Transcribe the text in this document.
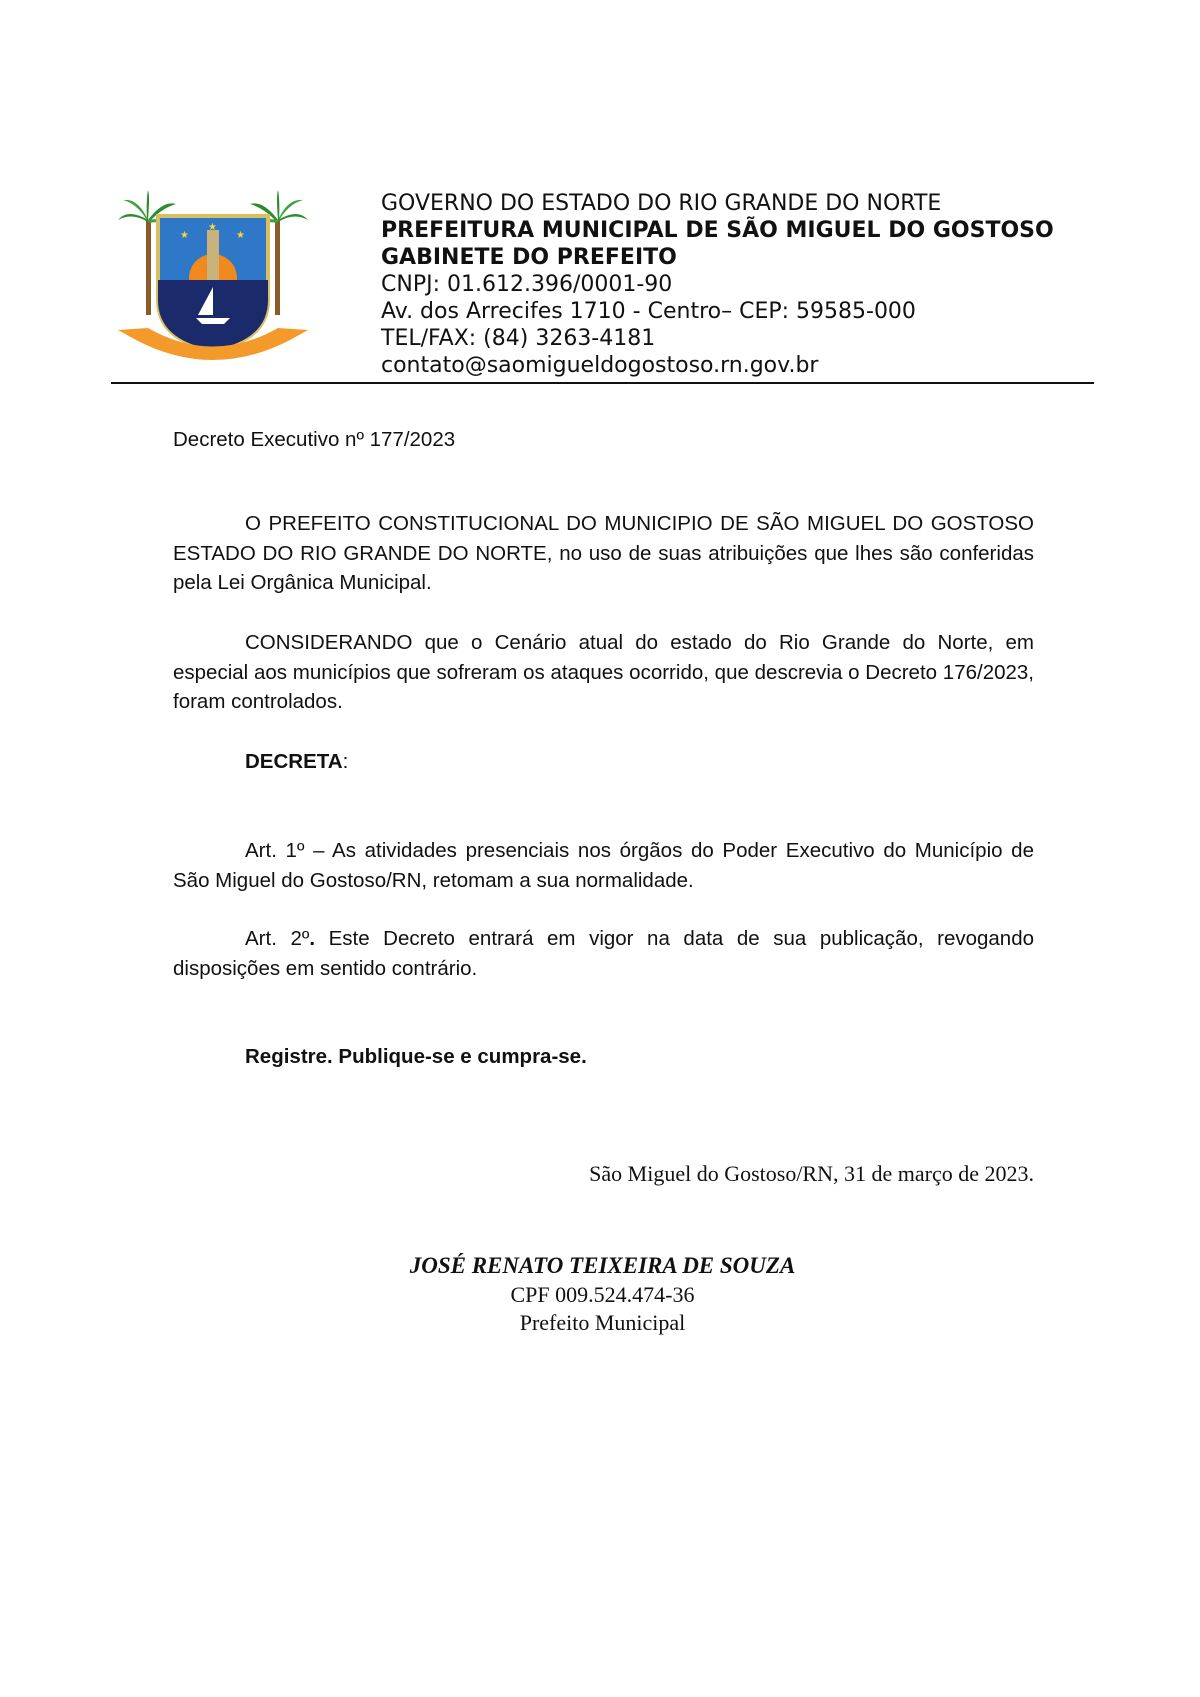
★
★
★
GOVERNO DO ESTADO DO RIO GRANDE DO NORTE
PREFEITURA MUNICIPAL DE SÃO MIGUEL DO GOSTOSO
GABINETE DO PREFEITO
CNPJ: 01.612.396/0001-90
Av. dos Arrecifes 1710 - Centro– CEP: 59585-000
TEL/FAX: (84) 3263-4181
contato@saomigueldogostoso.rn.gov.br
Decreto Executivo nº 177/2023

O PREFEITO CONSTITUCIONAL DO MUNICIPIO DE SÃO MIGUEL DO GOSTOSO ESTADO DO RIO GRANDE DO NORTE, no uso de suas atribuições que lhes são conferidas pela Lei Orgânica Municipal.

CONSIDERANDO que o Cenário atual do estado do Rio Grande do Norte, em especial aos municípios que sofreram os ataques ocorrido, que descrevia o Decreto 176/2023, foram controlados.

DECRETA:

Art. 1º – As atividades presenciais nos órgãos do Poder Executivo do Município de São Miguel do Gostoso/RN, retomam a sua normalidade.

Art. 2º. Este Decreto entrará em vigor na data de sua publicação, revogando disposições em sentido contrário.

Registre. Publique-se e cumpra-se.
São Miguel do Gostoso/RN, 31 de março de 2023.
JOSÉ RENATO TEIXEIRA DE SOUZA
CPF 009.524.474-36
Prefeito Municipal
